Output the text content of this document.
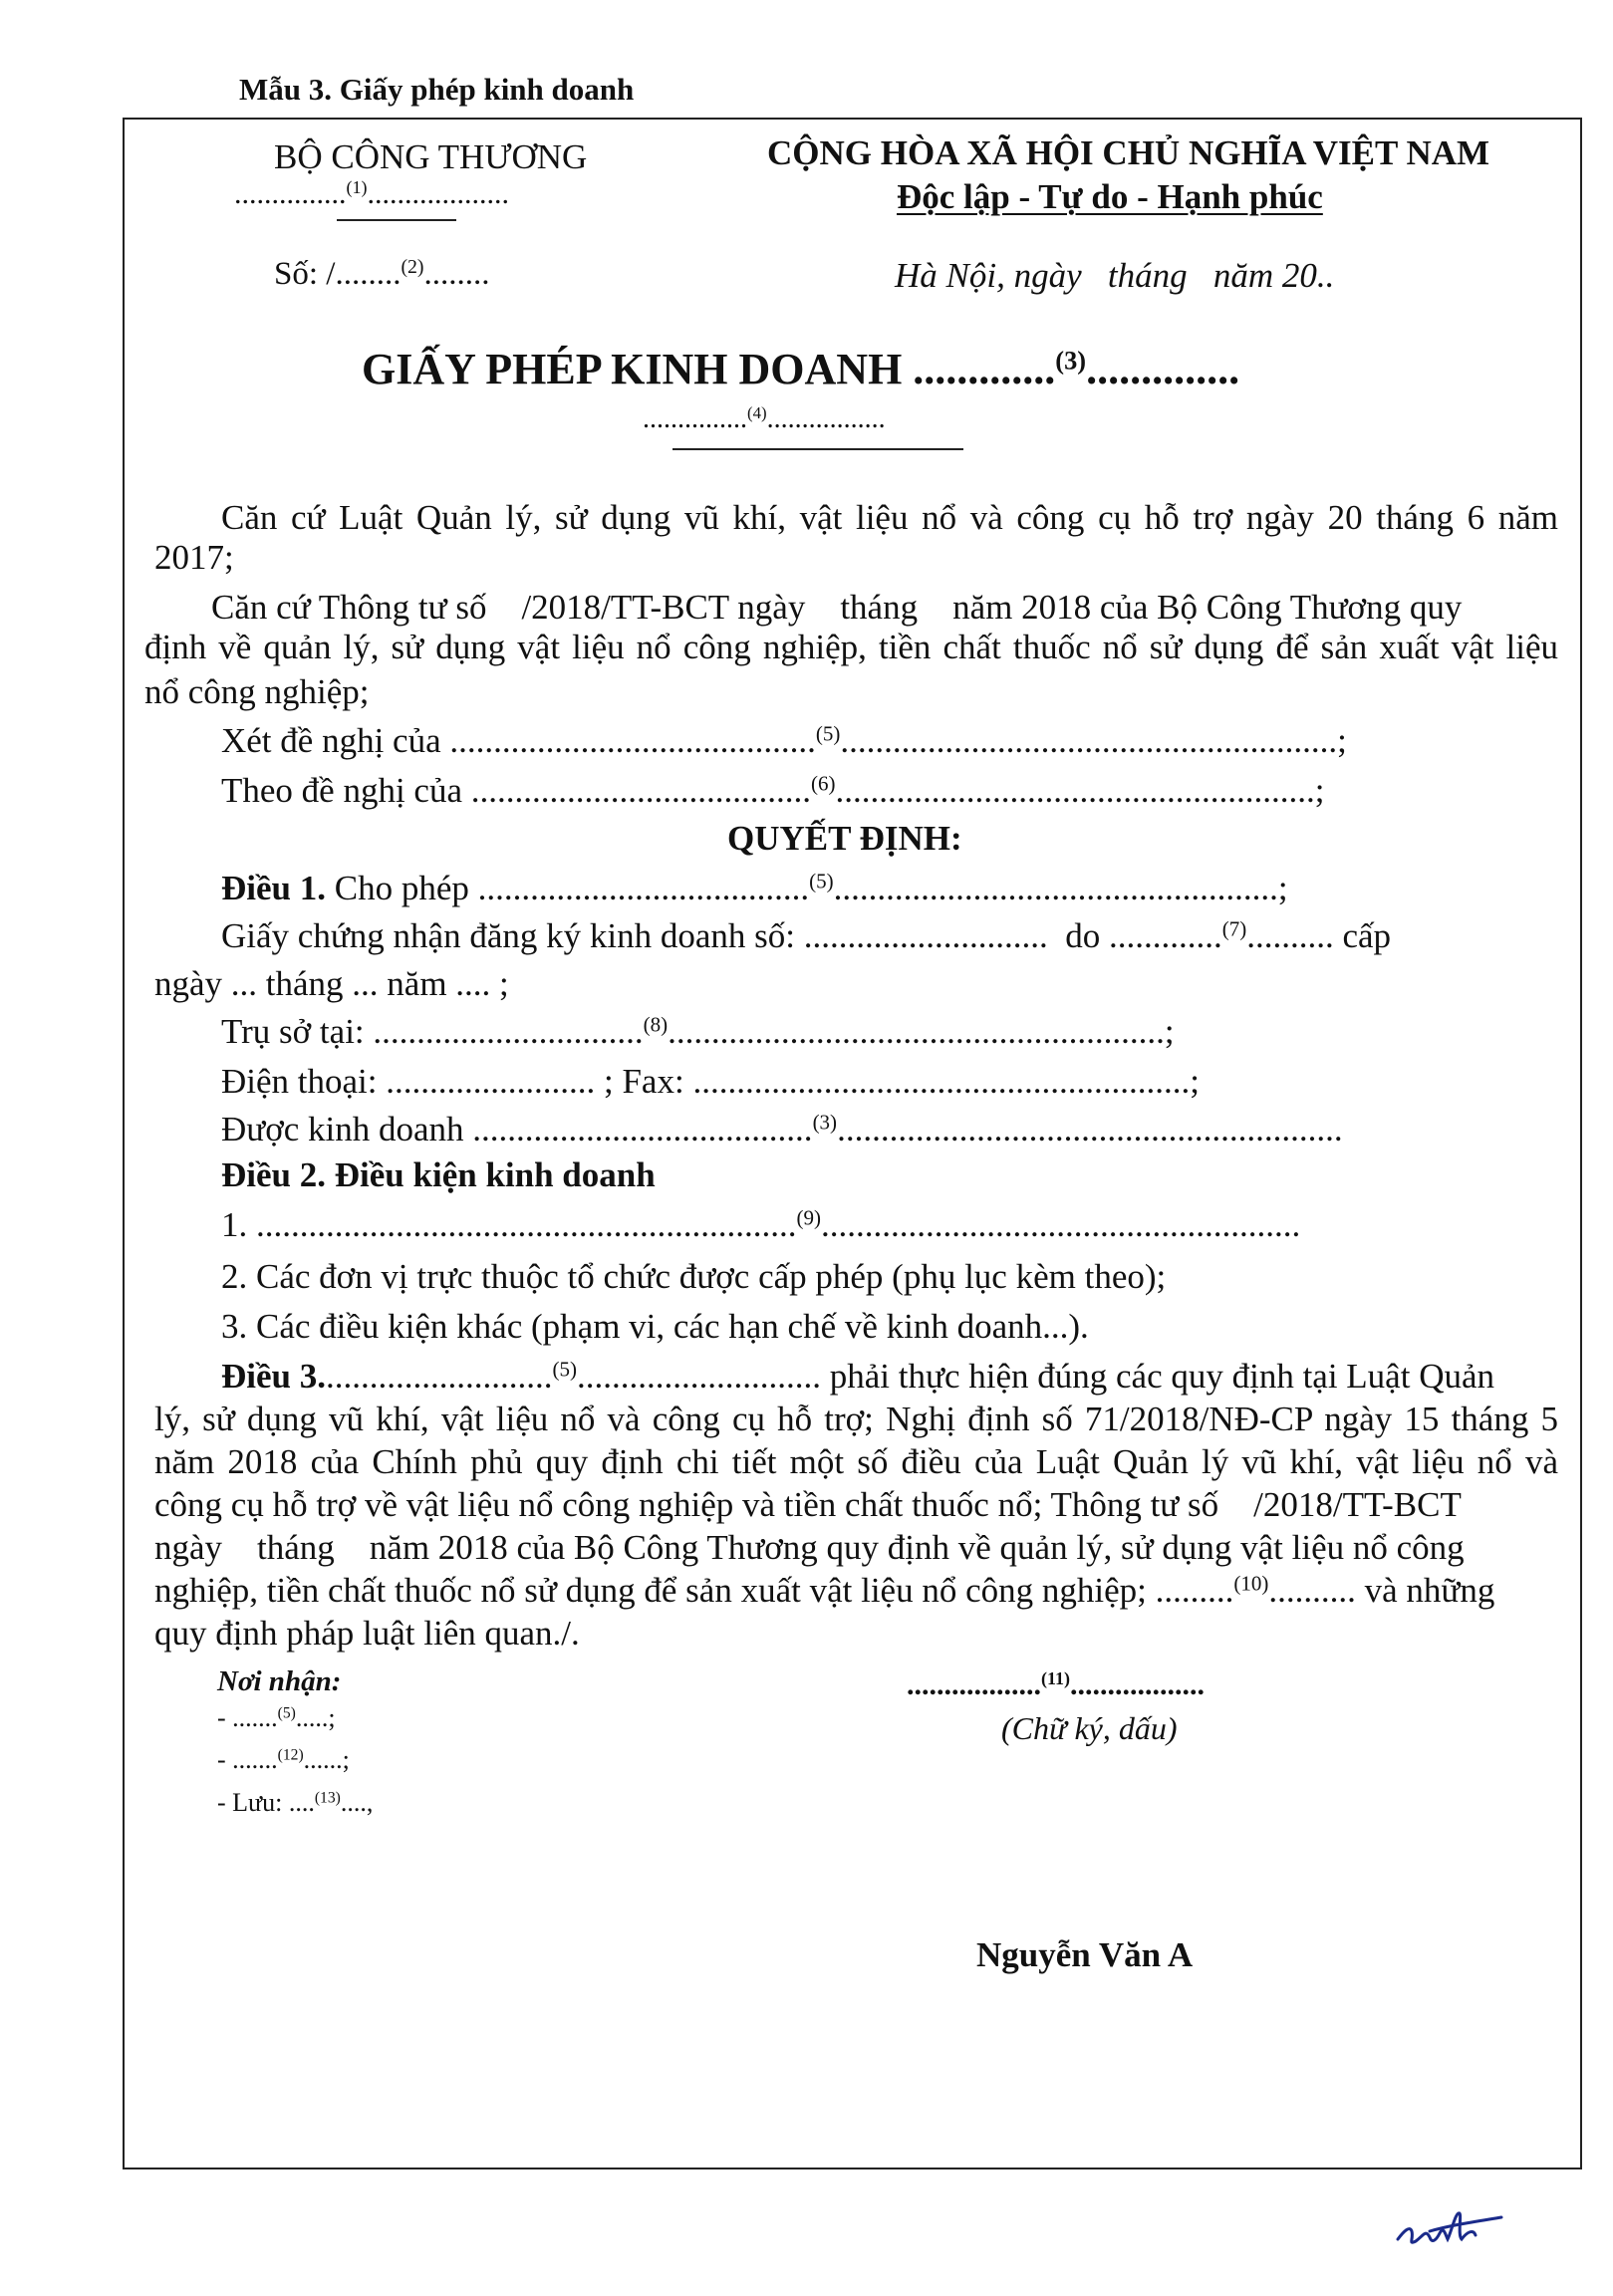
Mẫu 3. Giấy phép kinh doanh
BỘ CÔNG THƯƠNG
...............$^{(1)}$...................
Số: /........$^{(2)}$........
CỘNG HÒA XÃ HỘI CHỦ NGHĨA VIỆT NAM
Độc lập - Tự do - Hạnh phúc
Hà Nội, ngày   tháng   năm 20..
GIẤY PHÉP KINH DOANH .............$^{(3)}$..............
...............$^{(4)}$.................
Căn cứ Luật Quản lý, sử dụng vũ khí, vật liệu nổ và công cụ hỗ trợ ngày 20 tháng 6 năm
2017;
Căn cứ Thông tư số    /2018/TT-BCT ngày    tháng    năm 2018 của Bộ Công Thương quy
định về quản lý, sử dụng vật liệu nổ công nghiệp, tiền chất thuốc nổ sử dụng để sản xuất vật liệu
nổ công nghiệp;
Xét đề nghị của ..........................................$^{(5)}$.........................................................;
Theo đề nghị của .......................................$^{(6)}$.......................................................;
QUYẾT ĐỊNH:
Điều 1. Cho phép ......................................$^{(5)}$...................................................;
Giấy chứng nhận đăng ký kinh doanh số: ............................  do .............$^{(7)}$.......... cấp
ngày ... tháng ... năm .... ;
Trụ sở tại: ...............................$^{(8)}$.........................................................;
Điện thoại: ........................ ; Fax: .........................................................;
Được kinh doanh .......................................$^{(3)}$..........................................................
Điều 2. Điều kiện kinh doanh
1. ..............................................................$^{(9)}$.......................................................
2. Các đơn vị trực thuộc tổ chức được cấp phép (phụ lục kèm theo);
3. Các điều kiện khác (phạm vi, các hạn chế về kinh doanh...).
Điều 3...........................$^{(5)}$............................ phải thực hiện đúng các quy định tại Luật Quản
lý, sử dụng vũ khí, vật liệu nổ và công cụ hỗ trợ; Nghị định số 71/2018/NĐ-CP ngày 15 tháng 5
năm 2018 của Chính phủ quy định chi tiết một số điều của Luật Quản lý vũ khí, vật liệu nổ và
công cụ hỗ trợ về vật liệu nổ công nghiệp và tiền chất thuốc nổ; Thông tư số    /2018/TT-BCT
ngày    tháng    năm 2018 của Bộ Công Thương quy định về quản lý, sử dụng vật liệu nổ công
nghiệp, tiền chất thuốc nổ sử dụng để sản xuất vật liệu nổ công nghiệp; .........$^{(10)}$.......... và những
quy định pháp luật liên quan./.
Nơi nhận:
- .......$^{(5)}$.....;
- .......$^{(12)}$......;
- Lưu: ....$^{(13)}$....,
..................$^{(11)}$..................
(Chữ ký, dấu)
Nguyễn Văn A
